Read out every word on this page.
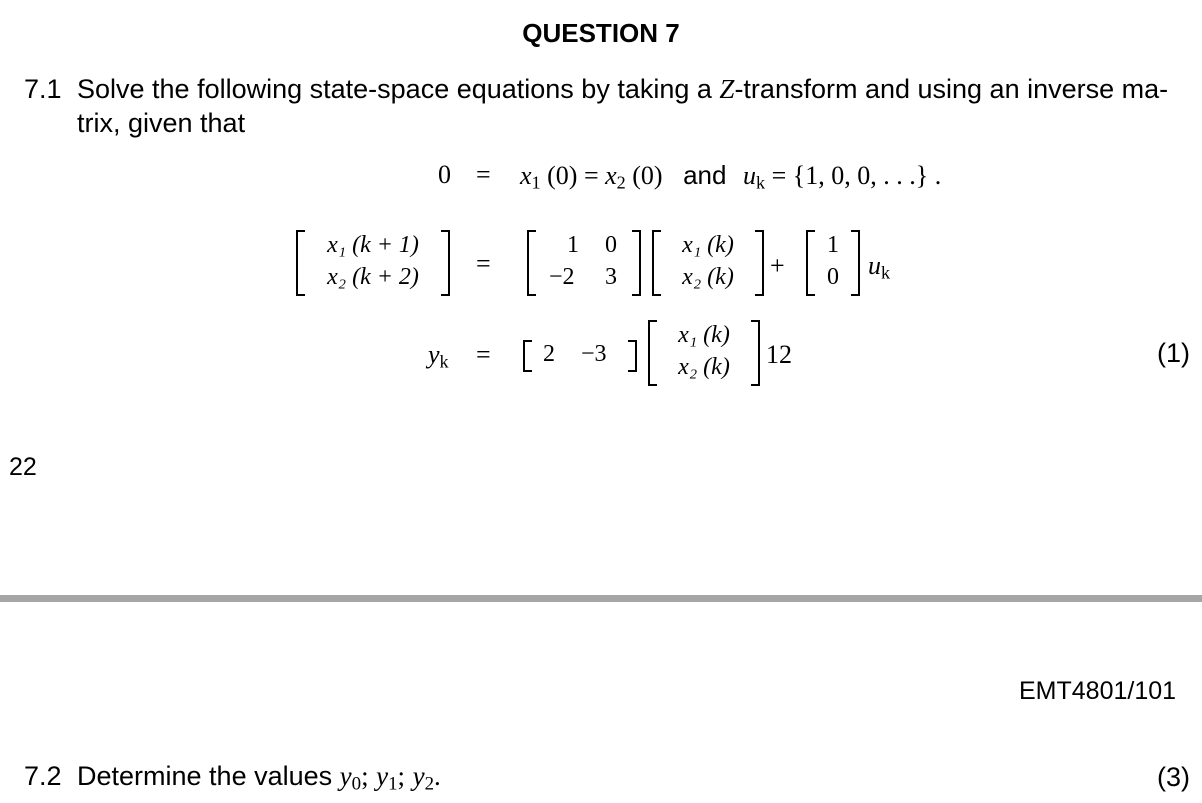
QUESTION 7
7.1 Solve the following state-space equations by taking a Z-transform and using an inverse ma-
trix, given that
$0 = x_1$ $(0) = x_2$ (0) and $u_k = \{1$, 0, 0, . . .} .
x₁ (k + 1)
x₂ (k + 2)	=
1 0
−2 3
x₁ (k)
x₂ (k)	+
1
0	$u_k$
$y_k = 2 -3$
x₁ (k)
x₂ (k)	12	(1)
22
EMT4801/101
7.2 Determine the values $y_0$; $y_1$; $y_2$.	(3)
